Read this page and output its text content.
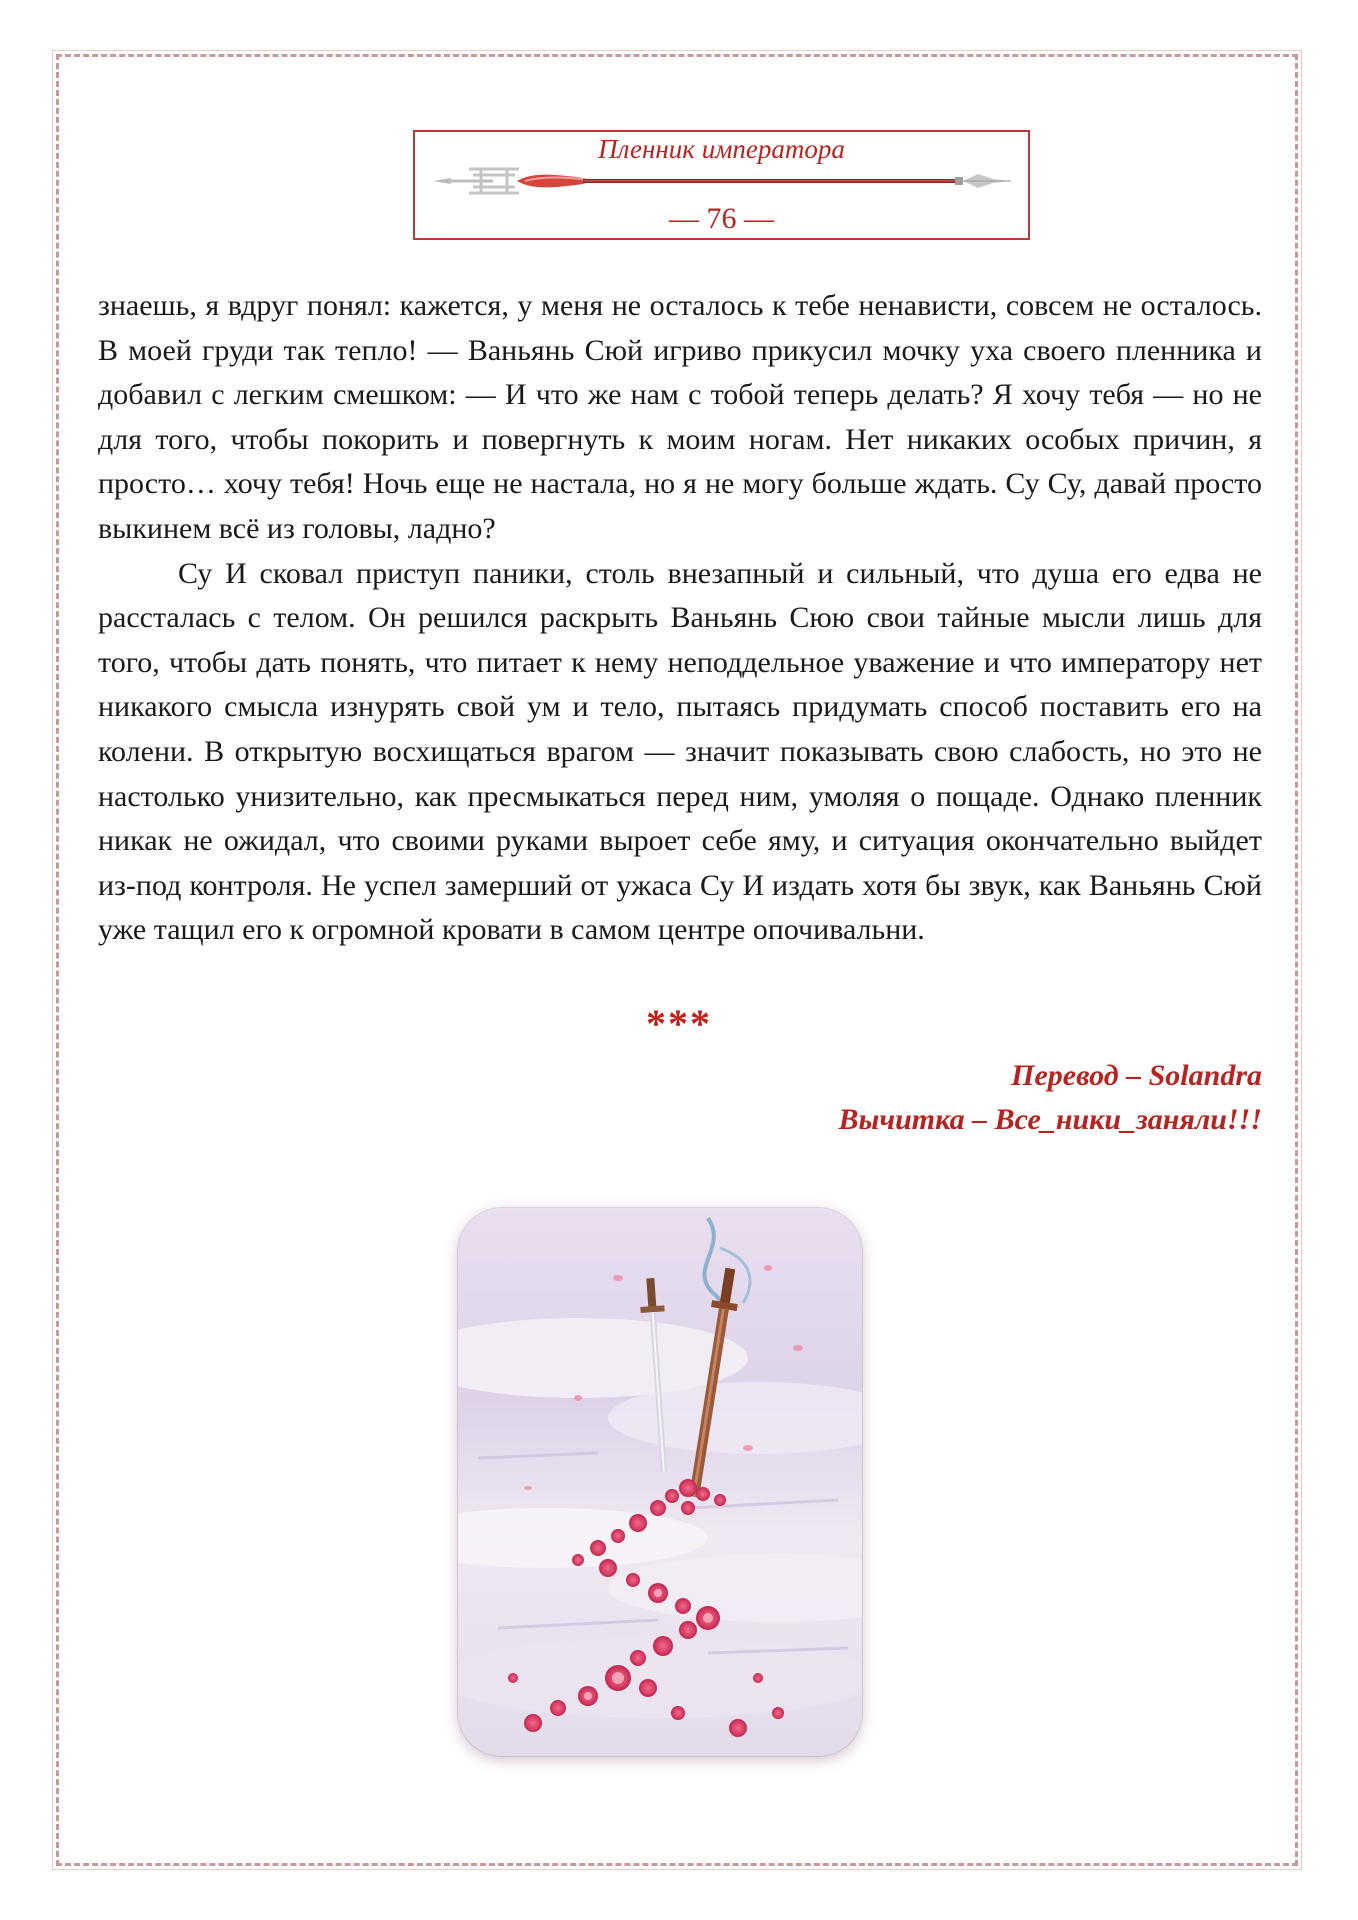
Пленник императора
— 76 —

знаешь, я вдруг понял: кажется, у меня не осталось к тебе ненависти, совсем не осталось. В моей груди так тепло! — Ваньянь Сюй игриво прикусил мочку уха своего пленника и добавил с легким смешком: — И что же нам с тобой теперь делать? Я хочу тебя — но не для того, чтобы покорить и повергнуть к моим ногам. Нет никаких особых причин, я просто… хочу тебя! Ночь еще не настала, но я не могу больше ждать. Су Су, давай просто выкинем всё из головы, ладно?

Су И сковал приступ паники, столь внезапный и сильный, что душа его едва не рассталась с телом. Он решился раскрыть Ваньянь Сюю свои тайные мысли лишь для того, чтобы дать понять, что питает к нему неподдельное уважение и что императору нет никакого смысла изнурять свой ум и тело, пытаясь придумать способ поставить его на колени. В открытую восхищаться врагом — значит показывать свою слабость, но это не настолько унизительно, как пресмыкаться перед ним, умоляя о пощаде. Однако пленник никак не ожидал, что своими руками выроет себе яму, и ситуация окончательно выйдет из-под контроля. Не успел замерший от ужаса Су И издать хотя бы звук, как Ваньянь Сюй уже тащил его к огромной кровати в самом центре опочивальни.

***
Перевод – Solandra
Вычитка – Все_ники_заняли!!!
